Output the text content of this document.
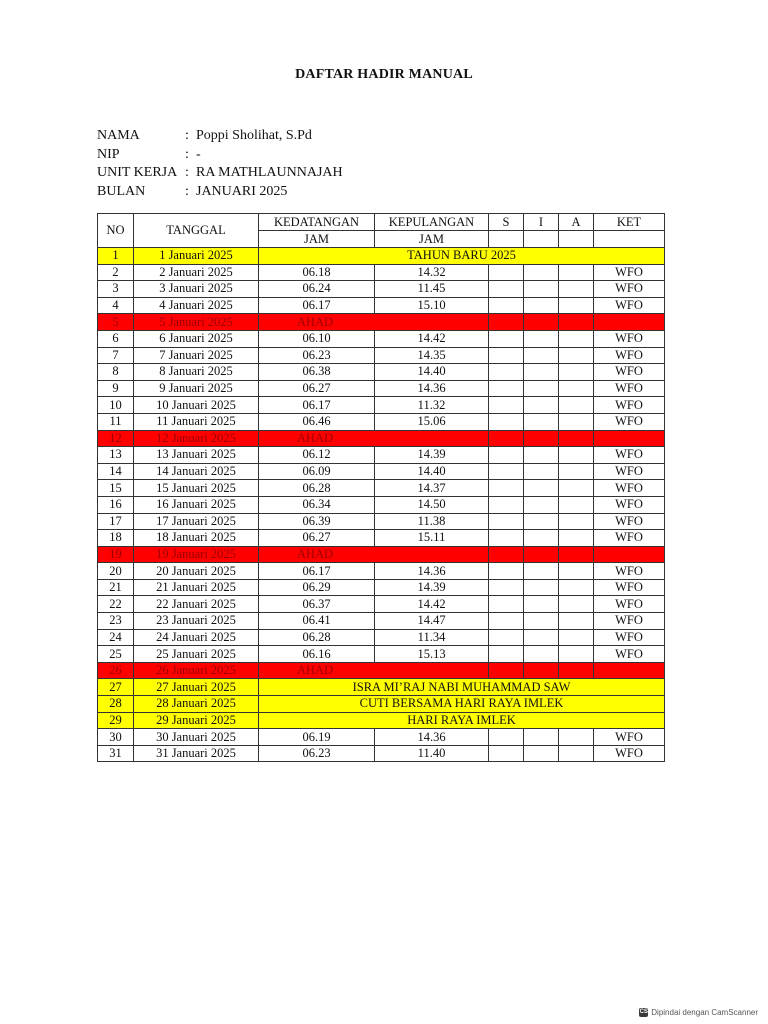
DAFTAR HADIR MANUAL
NAMA	: Poppi Sholihat, S.Pd
NIP	: -
UNIT KERJA : RA MATHLAUNNAJAH
BULAN	: JANUARI 2025
NO	TANGGAL	KEDATANGAN	KEPULANGAN	S	I	A	KET
		JAM	JAM				
1	1 Januari 2025	TAHUN BARU 2025					
2	2 Januari 2025	06.18	14.32				WFO
3	3 Januari 2025	06.24	11.45				WFO
4	4 Januari 2025	06.17	15.10				WFO
5	5 Januari 2025	AHAD					
6	6 Januari 2025	06.10	14.42				WFO
7	7 Januari 2025	06.23	14.35				WFO
8	8 Januari 2025	06.38	14.40				WFO
9	9 Januari 2025	06.27	14.36				WFO
10	10 Januari 2025	06.17	11.32				WFO
11	11 Januari 2025	06.46	15.06				WFO
12	12 Januari 2025	AHAD					
13	13 Januari 2025	06.12	14.39				WFO
14	14 Januari 2025	06.09	14.40				WFO
15	15 Januari 2025	06.28	14.37				WFO
16	16 Januari 2025	06.34	14.50				WFO
17	17 Januari 2025	06.39	11.38				WFO
18	18 Januari 2025	06.27	15.11				WFO
19	19 Januari 2025	AHAD					
20	20 Januari 2025	06.17	14.36				WFO
21	21 Januari 2025	06.29	14.39				WFO
22	22 Januari 2025	06.37	14.42				WFO
23	23 Januari 2025	06.41	14.47				WFO
24	24 Januari 2025	06.28	11.34				WFO
25	25 Januari 2025	06.16	15.13				WFO
26	26 Januari 2025	AHAD					
27	27 Januari 2025	ISRA MI’RAJ NABI MUHAMMAD SAW					
28	28 Januari 2025	CUTI BERSAMA HARI RAYA IMLEK					
29	29 Januari 2025	HARI RAYA IMLEK					
30	30 Januari 2025	06.19	14.36				WFO
31	31 Januari 2025	06.23	11.40				WFO
CS Dipindai dengan CamScanner
